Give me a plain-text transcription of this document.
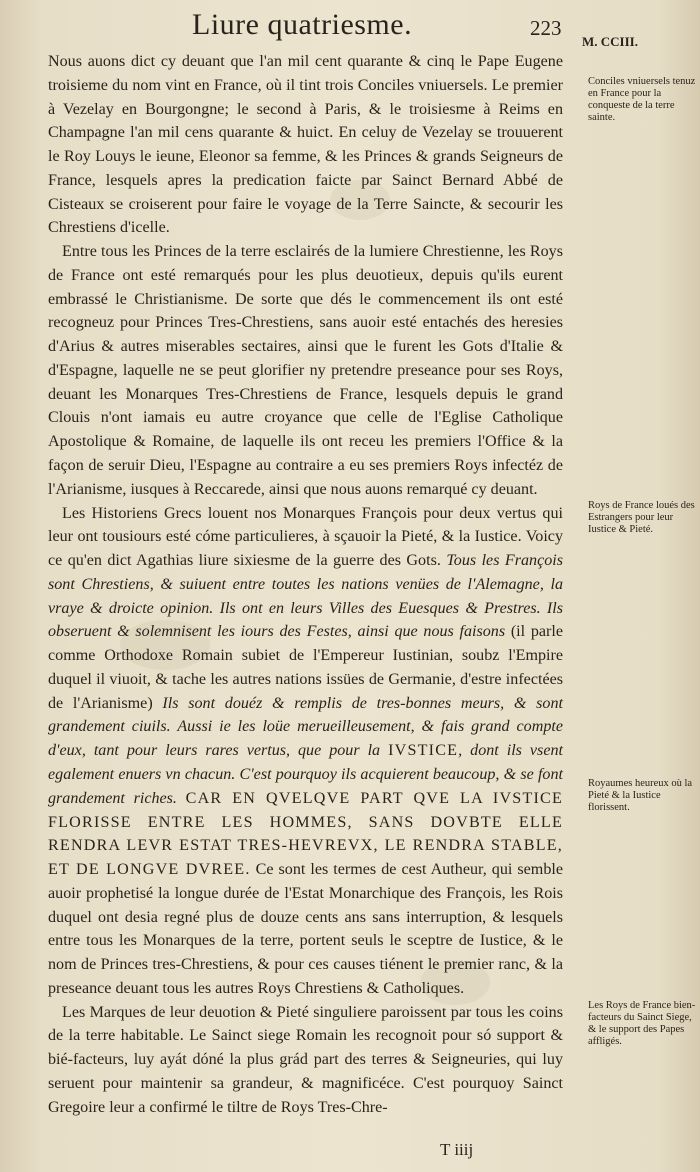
Liure quatriesme.	223
M. CCIII.

Nous auons dict cy deuant que l'an mil cent quarante & cinq le Pape Eugene troisieme du nom vint en France, où il tint trois Conciles vniuersels. Le premier à Vezelay en Bourgongne; le second à Paris, & le troisiesme à Reims en Champagne l'an mil cens quarante & huict. En celuy de Vezelay se trouuerent le Roy Louys le ieune, Eleonor sa femme, & les Princes & grands Seigneurs de France, lesquels apres la predication faicte par Sainct Bernard Abbé de Cisteaux se croiserent pour faire le voyage de la Terre Saincte, & secourir les Chrestiens d'icelle.

Entre tous les Princes de la terre esclairés de la lumiere Chrestienne, les Roys de France ont esté remarqués pour les plus deuotieux, depuis qu'ils eurent embrassé le Christianisme. De sorte que dés le commencement ils ont esté recogneuz pour Princes Tres-Chrestiens, sans auoir esté entachés des heresies d'Arius & autres miserables sectaires, ainsi que le furent les Gots d'Italie & d'Espagne, laquelle ne se peut glorifier ny pretendre preseance pour ses Roys, deuant les Monarques Tres-Chrestiens de France, lesquels depuis le grand Clouis n'ont iamais eu autre croyance que celle de l'Eglise Catholique Apostolique & Romaine, de laquelle ils ont receu les premiers l'Office & la façon de seruir Dieu, l'Espagne au contraire a eu ses premiers Roys infectéz de l'Arianisme, iusques à Reccarede, ainsi que nous auons remarqué cy deuant.

Les Historiens Grecs louent nos Monarques François pour deux vertus qui leur ont tousiours esté cóme particulieres, à sçauoir la Pieté, & la Iustice. Voicy ce qu'en dict Agathias liure sixiesme de la guerre des Gots. Tous les François sont Chrestiens, & suiuent entre toutes les nations venües de l'Alemagne, la vraye & droicte opinion. Ils ont en leurs Villes des Euesques & Prestres. Ils obseruent & solemnisent les iours des Festes, ainsi que nous faisons (il parle comme Orthodoxe Romain subiet de l'Empereur Iustinian, soubz l'Empire duquel il viuoit, & tache les autres nations issües de Germanie, d'estre infectées de l'Arianisme) Ils sont douéz & remplis de tres-bonnes meurs, & sont grandement ciuils. Aussi ie les loüe merueilleusement, & fais grand compte d'eux, tant pour leurs rares vertus, que pour la IVSTICE, dont ils vsent egalement enuers vn chacun. C'est pourquoy ils acquierent beaucoup, & se font grandement riches. CAR EN QVELQVE PART QVE LA IVSTICE FLORISSE ENTRE LES HOMMES, SANS DOVBTE ELLE RENDRA LEVR ESTAT TRES-HEVREVX, LE RENDRA STABLE, ET DE LONGVE DVREE. Ce sont les termes de cest Autheur, qui semble auoir prophetisé la longue durée de l'Estat Monarchique des François, les Rois duquel ont desia regné plus de douze cents ans sans interruption, & lesquels entre tous les Monarques de la terre, portent seuls le sceptre de Iustice, & le nom de Princes tres-Chrestiens, & pour ces causes tiénent le premier ranc, & la preseance deuant tous les autres Roys Chrestiens & Catholiques.

Les Marques de leur deuotion & Pieté singuliere paroissent par tous les coins de la terre habitable. Le Sainct siege Romain les recognoit pour só support & bié-facteurs, luy ayát dóné la plus grád part des terres & Seigneuries, qui luy seruent pour maintenir sa grandeur, & magnificéce. C'est pourquoy Sainct Gregoire leur a confirmé le tiltre de Roys Tres-Chre-

Conciles vniuersels tenuz en France pour la conqueste de la terre sainte.
Roys de France loués des Estrangers pour leur Iustice & Pieté.
Royaumes heureux où la Pieté & la Iustice florissent.
Les Roys de France bien-facteurs du Sainct Siege, & le support des Papes affligés.
T iiij
